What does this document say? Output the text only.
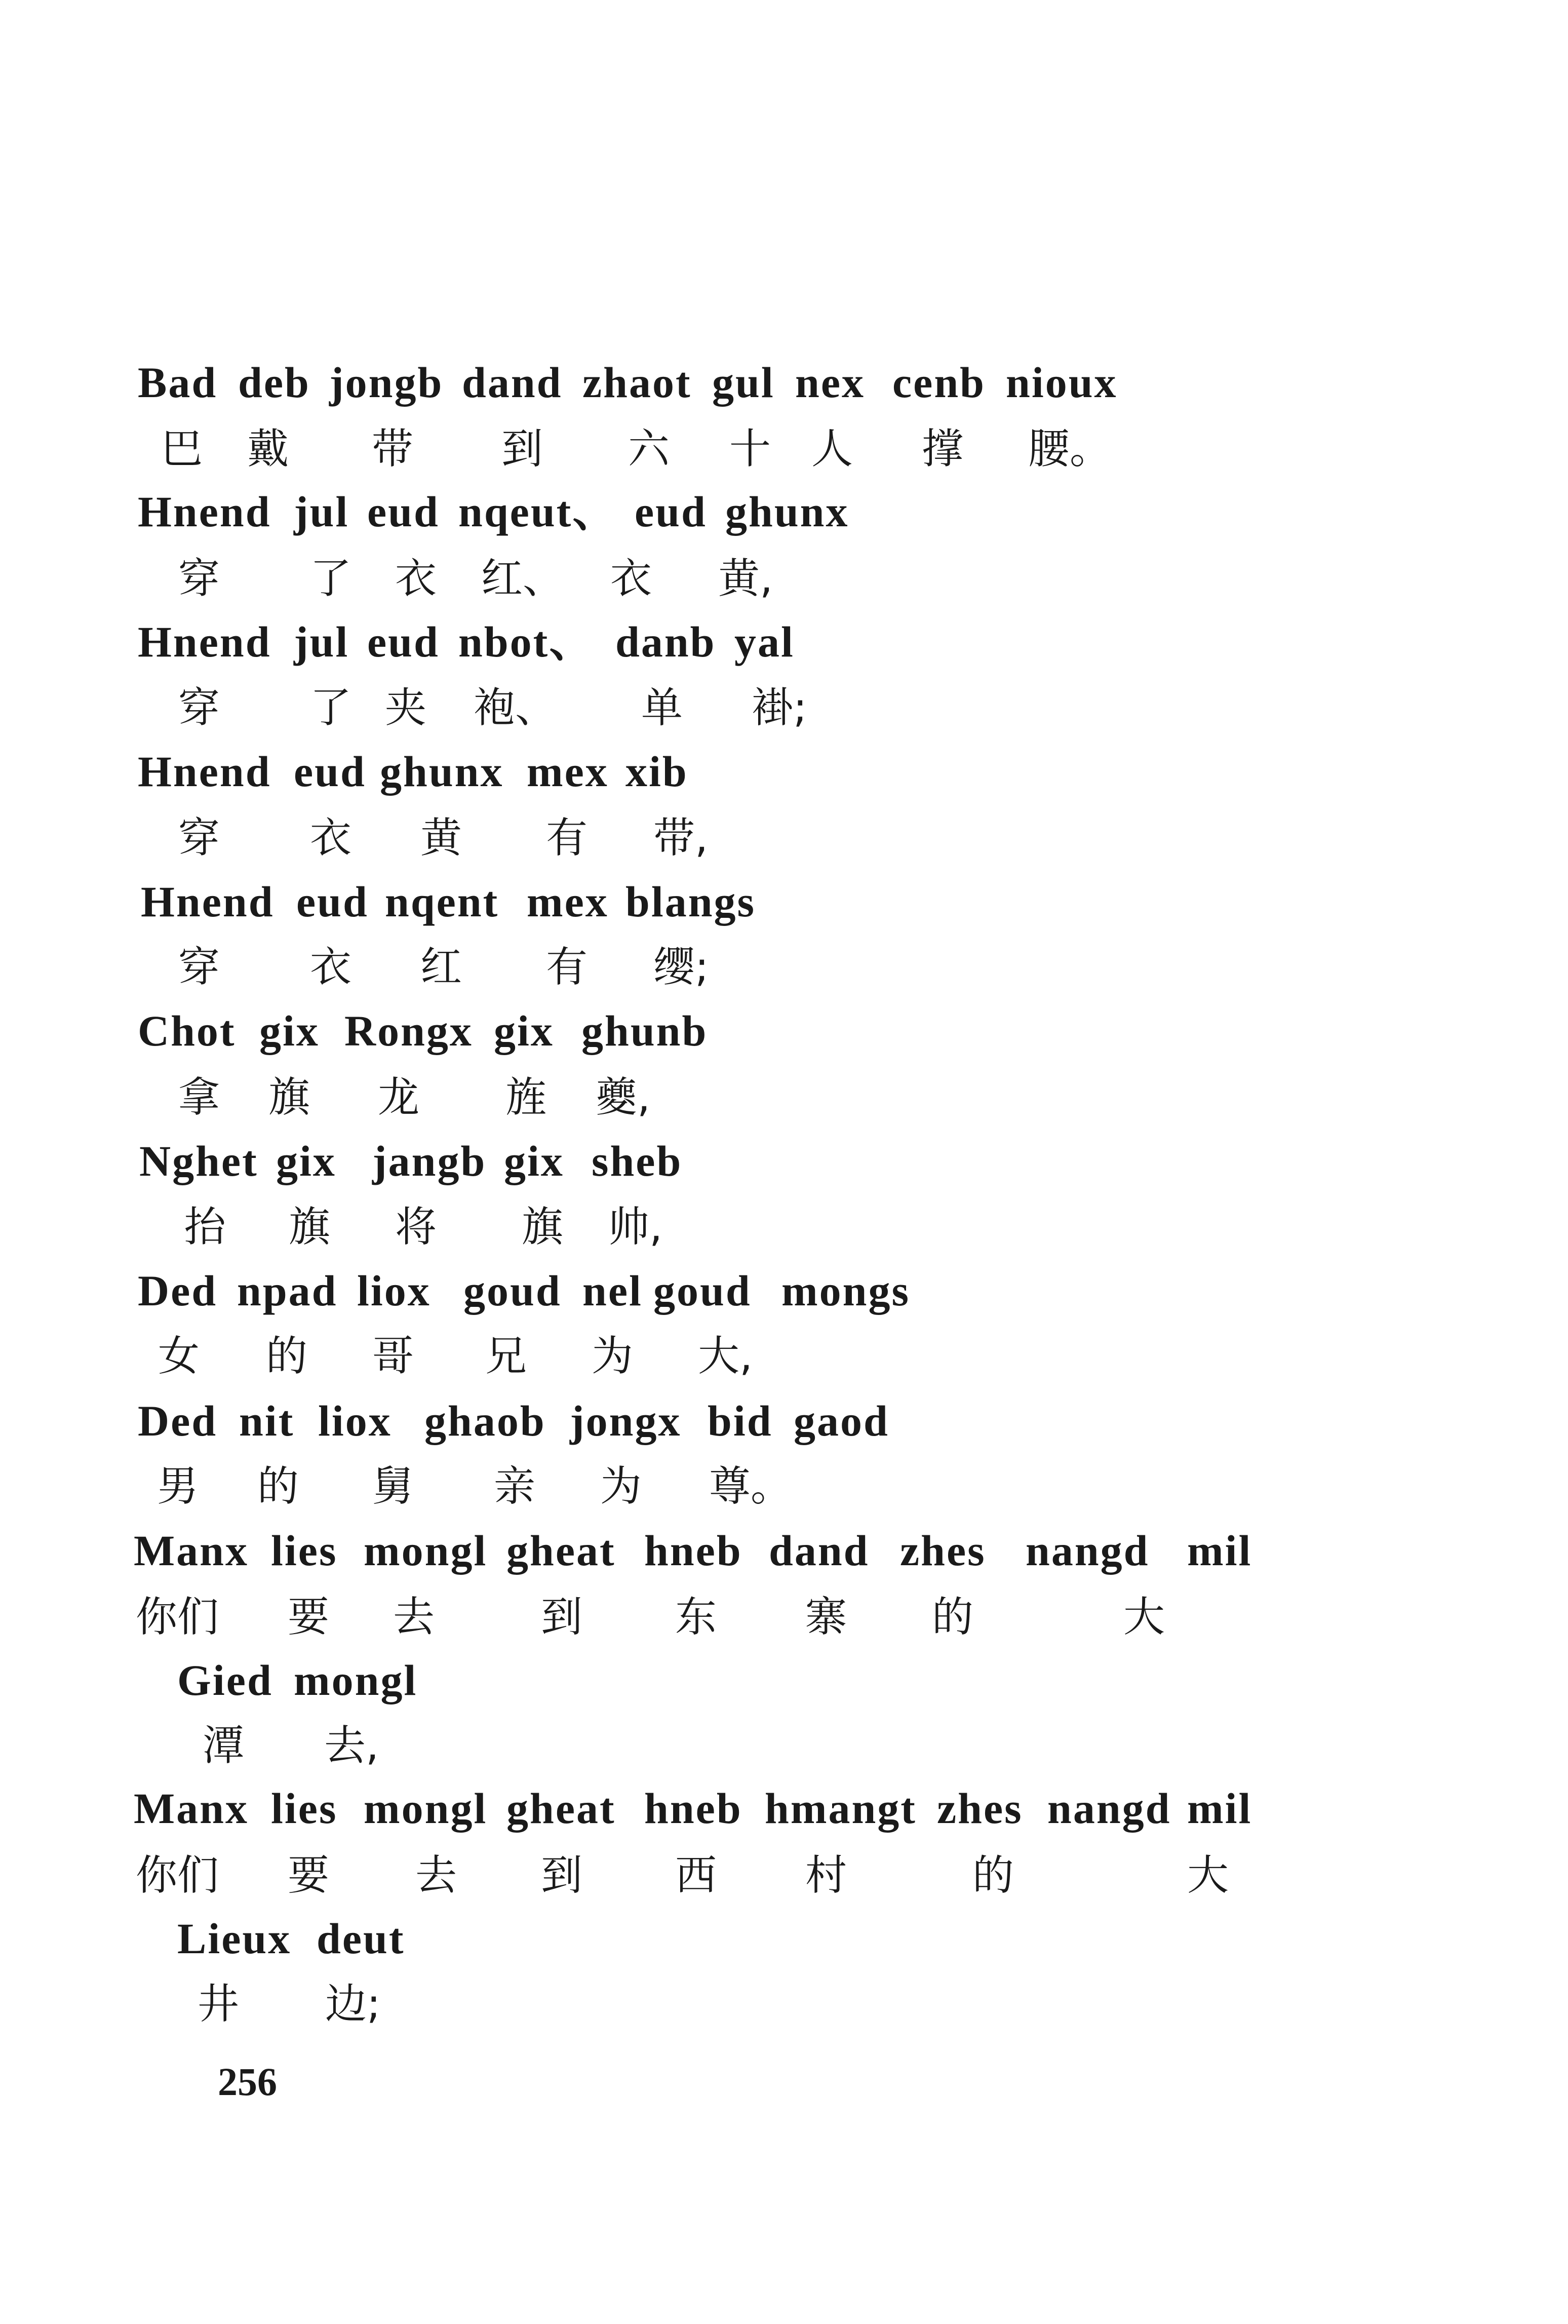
Bad deb jongb dand zhaot gul nex cenb nioux
巴 戴 带 到 六 十 人 撑 腰。
Hnend jul eud nqeut、 eud ghunx
穿 了 衣 红、 衣 黄,
Hnend jul eud nbot、 danb yal
穿 了 夹 袍、 单 褂;
Hnend eud ghunx mex xib
穿 衣 黄 有 带,
Hnend eud nqent mex blangs
穿 衣 红 有 缨;
Chot gix Rongx gix ghunb
拿 旗 龙 旌 夔,
Nghet gix jangb gix sheb
抬 旗 将 旗 帅,
Ded npad liox goud nel goud mongs
女 的 哥 兄 为 大,
Ded nit liox ghaob jongx bid gaod
男 的 舅 亲 为 尊。
Manx lies mongl gheat hneb dand zhes nangd mil
你们 要 去	到 东 寨 的	大
Gied mongl
潭 去,
Manx lies mongl gheat hneb hmangt zhes nangd mil
你们 要 去 到 西 村	的	大
Lieux deut
井 边;
256
